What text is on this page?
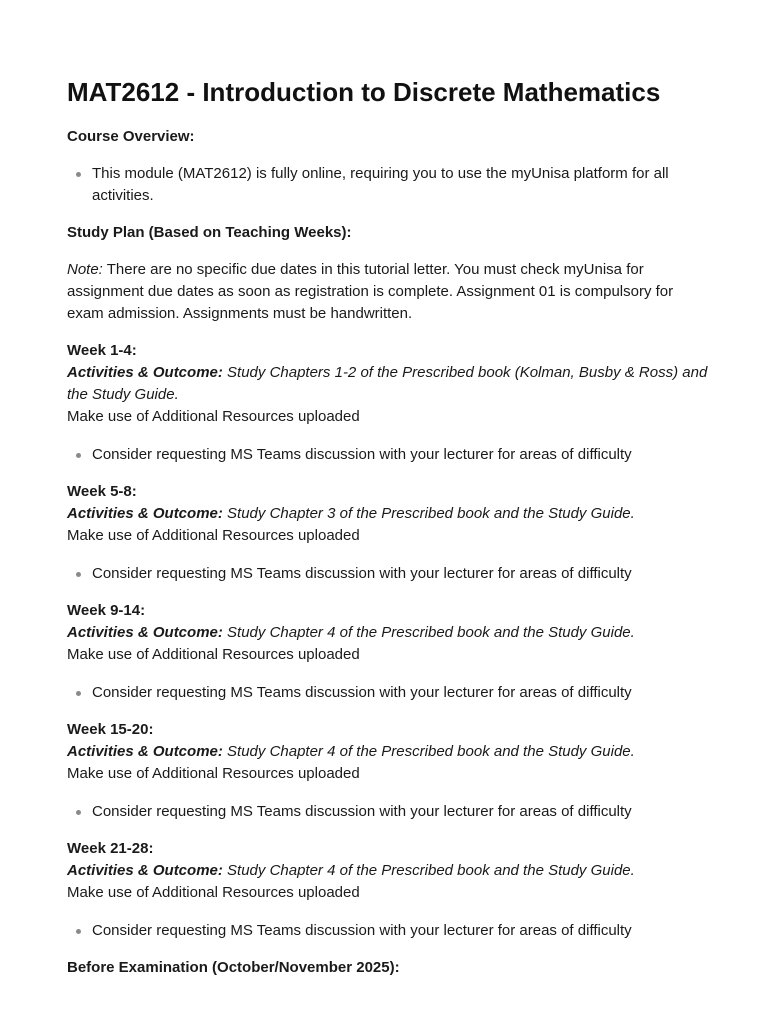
MAT2612 - Introduction to Discrete Mathematics

Course Overview:

This module (MAT2612) is fully online, requiring you to use the myUnisa platform for all activities.

Study Plan (Based on Teaching Weeks):

Note: There are no specific due dates in this tutorial letter. You must check myUnisa for assignment due dates as soon as registration is complete. Assignment 01 is compulsory for exam admission. Assignments must be handwritten.

Week 1-4:

Activities & Outcome: Study Chapters 1-2 of the Prescribed book (Kolman, Busby & Ross) and the Study Guide.

Make use of Additional Resources uploaded

Consider requesting MS Teams discussion with your lecturer for areas of difficulty

Week 5-8:

Activities & Outcome: Study Chapter 3 of the Prescribed book and the Study Guide.

Make use of Additional Resources uploaded

Consider requesting MS Teams discussion with your lecturer for areas of difficulty

Week 9-14:

Activities & Outcome: Study Chapter 4 of the Prescribed book and the Study Guide.

Make use of Additional Resources uploaded

Consider requesting MS Teams discussion with your lecturer for areas of difficulty

Week 15-20:

Activities & Outcome: Study Chapter 4 of the Prescribed book and the Study Guide.

Make use of Additional Resources uploaded

Consider requesting MS Teams discussion with your lecturer for areas of difficulty

Week 21-28:

Activities & Outcome: Study Chapter 4 of the Prescribed book and the Study Guide.

Make use of Additional Resources uploaded

Consider requesting MS Teams discussion with your lecturer for areas of difficulty

Before Examination (October/November 2025):
